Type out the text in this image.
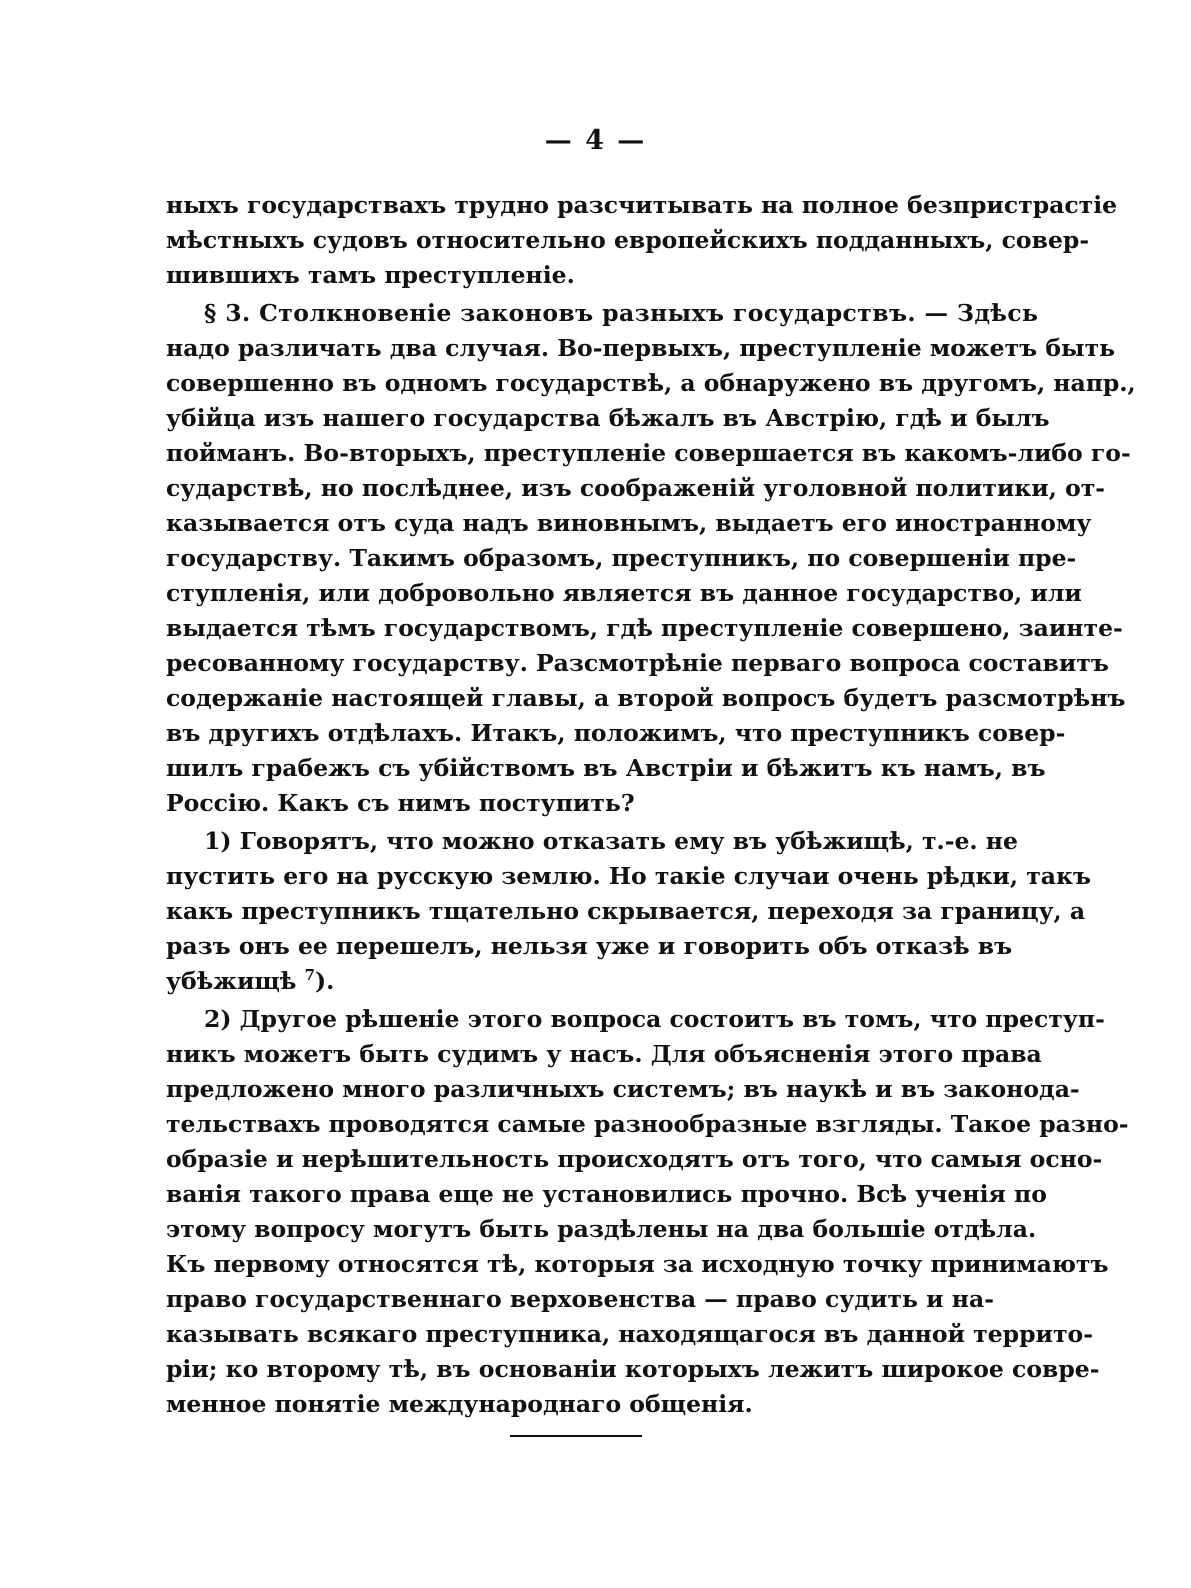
— 4 —
ныхъ государствахъ трудно разсчитывать на полное безпристрастіе
мѣстныхъ судовъ относительно европейскихъ подданныхъ, совер-
шившихъ тамъ преступленіе.
§ 3. Столкновеніе законовъ разныхъ государствъ. — Здѣсь
надо различать два случая. Во-первыхъ, преступленіе можетъ быть
совершенно въ одномъ государствѣ, а обнаружено въ другомъ, напр.,
убійца изъ нашего государства бѣжалъ въ Австрію, гдѣ и былъ
пойманъ. Во-вторыхъ, преступленіе совершается въ какомъ-либо го-
сударствѣ, но послѣднее, изъ соображеній уголовной политики, от-
казывается отъ суда надъ виновнымъ, выдаетъ его иностранному
государству. Такимъ образомъ, преступникъ, по совершеніи пре-
ступленія, или добровольно является въ данное государство, или
выдается тѣмъ государствомъ, гдѣ преступленіе совершено, заинте-
ресованному государству. Разсмотрѣніе перваго вопроса составитъ
содержаніе настоящей главы, а второй вопросъ будетъ разсмотрѣнъ
въ другихъ отдѣлахъ. Итакъ, положимъ, что преступникъ совер-
шилъ грабежъ съ убійствомъ въ Австріи и бѣжитъ къ намъ, въ
Россію. Какъ съ нимъ поступить?
1) Говорятъ, что можно отказать ему въ убѣжищѣ, т.-е. не
пустить его на русскую землю. Но такіе случаи очень рѣдки, такъ
какъ преступникъ тщательно скрывается, переходя за границу, а
разъ онъ ее перешелъ, нельзя уже и говорить объ отказѣ въ
убѣжищѣ $^7$).
2) Другое рѣшеніе этого вопроса состоитъ въ томъ, что преступ-
никъ можетъ быть судимъ у насъ. Для объясненія этого права
предложено много различныхъ системъ; въ наукѣ и въ законода-
тельствахъ проводятся самые разнообразные взгляды. Такое разно-
образіе и нерѣшительность происходятъ отъ того, что самыя осно-
ванія такого права еще не установились прочно. Всѣ ученія по
этому вопросу могутъ быть раздѣлены на два большіе отдѣла.
Къ первому относятся тѣ, которыя за исходную точку принимаютъ
право государственнаго верховенства — право судить и на-
казывать всякаго преступника, находящагося въ данной террито-
ріи; ко второму тѣ, въ основаніи которыхъ лежитъ широкое совре-
менное понятіе международнаго общенія.
